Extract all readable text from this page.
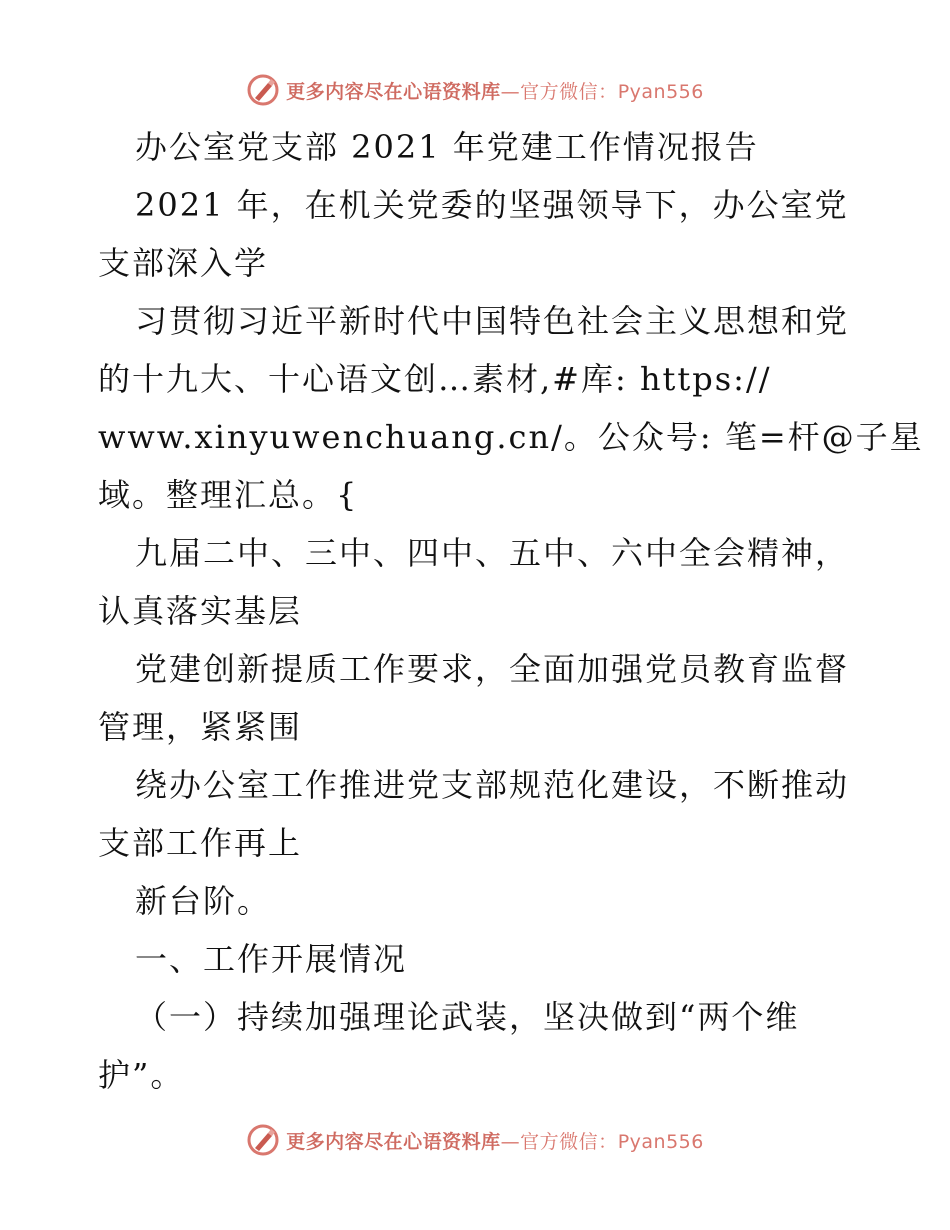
更多内容尽在心语资料库—官方微信：Pyan556
办公室党支部 2021 年党建工作情况报告
2021 年，在机关党委的坚强领导下，办公室党
支部深入学
习贯彻习近平新时代中国特色社会主义思想和党
的十九大、十心语文创…素材,#库: https://
www.xinyuwenchuang.cn/。公众号: 笔=杆@子星
域。整理汇总。{
九届二中、三中、四中、五中、六中全会精神，
认真落实基层
党建创新提质工作要求，全面加强党员教育监督
管理，紧紧围
绕办公室工作推进党支部规范化建设，不断推动
支部工作再上
新台阶。
一、工作开展情况
（一）持续加强理论武装，坚决做到“两个维
护”。
更多内容尽在心语资料库—官方微信：Pyan556
